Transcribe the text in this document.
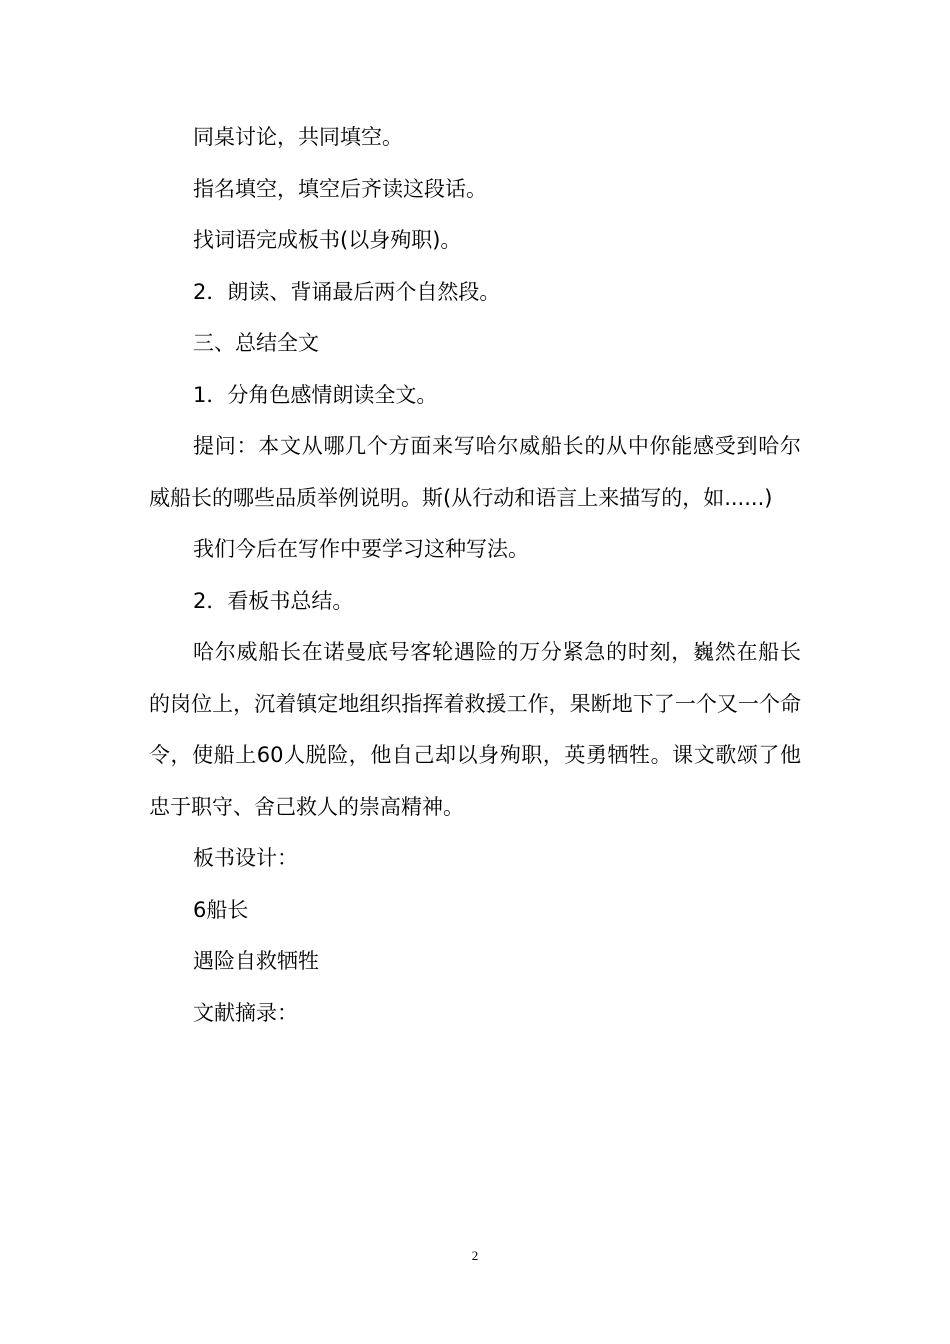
同桌讨论，共同填空。

指名填空，填空后齐读这段话。

找词语完成板书(以身殉职)。

2．朗读、背诵最后两个自然段。

三、总结全文

1．分角色感情朗读全文。

提问：本文从哪几个方面来写哈尔威船长的从中你能感受到哈尔威船长的哪些品质举例说明。斯(从行动和语言上来描写的，如......)

我们今后在写作中要学习这种写法。

2．看板书总结。

哈尔威船长在诺曼底号客轮遇险的万分紧急的时刻，巍然在船长的岗位上，沉着镇定地组织指挥着救援工作，果断地下了一个又一个命令，使船上60人脱险，他自己却以身殉职，英勇牺牲。课文歌颂了他忠于职守、舍己救人的崇高精神。

板书设计：

6船长

遇险自救牺牲

文献摘录：

2
